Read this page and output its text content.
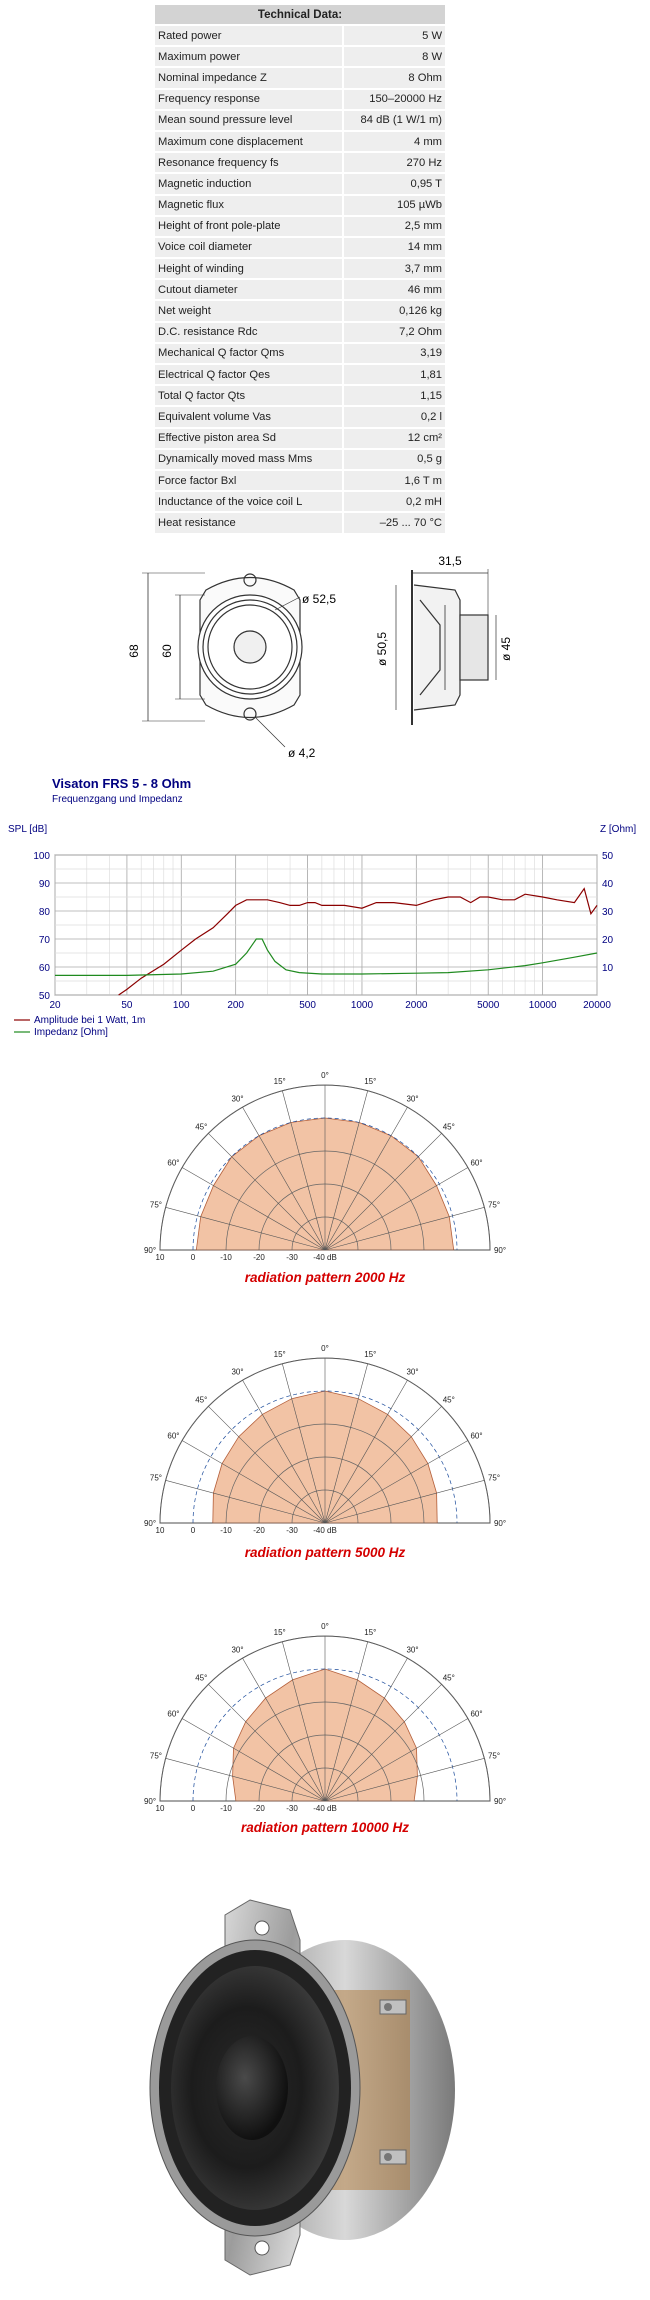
Technical Data:	
Rated power	5 W
Maximum power	8 W
Nominal impedance Z	8 Ohm
Frequency response	150–20000 Hz
Mean sound pressure level	84 dB (1 W/1 m)
Maximum cone displacement	4 mm
Resonance frequency fs	270 Hz
Magnetic induction	0,95 T
Magnetic flux	105 µWb
Height of front pole-plate	2,5 mm
Voice coil diameter	14 mm
Height of winding	3,7 mm
Cutout diameter	46 mm
Net weight	0,126 kg
D.C. resistance Rdc	7,2 Ohm
Mechanical Q factor Qms	3,19
Electrical Q factor Qes	1,81
Total Q factor Qts	1,15
Equivalent volume Vas	0,2 l
Effective piston area Sd	12 cm²
Dynamically moved mass Mms	0,5 g
Force factor Bxl	1,6 T m
Inductance of the voice coil L	0,2 mH
Heat resistance	–25 ... 70 °C
68 60
ø 52,5
ø 4,2
31,5
ø 50,5	ø 45
Visaton FRS 5 - 8 Ohm
Frequenzgang und Impedanz
SPL [dB]	Z [Ohm]
20	50	100	200	500	1000	2000	5000	10000	20000
50
60
70
80
90
100
10
20
30
40
50
Amplitude bei 1 Watt, 1m
Impedanz [Ohm]
90°
75°
60°
45°
30°
15°
0°
15°
30°
45°
60°
75°
90°
10	0	-10	-20	-30 -40 dB
radiation pattern 2000 Hz
90°
75°
60°
45°
30°
15°
0°
15°
30°
45°
60°
75°
90°
10	0	-10	-20	-30 -40 dB
radiation pattern 5000 Hz
90°
75°
60°
45°
30°
15°
0°
15°
30°
45°
60°
75°
90°
10	0	-10	-20	-30 -40 dB
radiation pattern 10000 Hz
